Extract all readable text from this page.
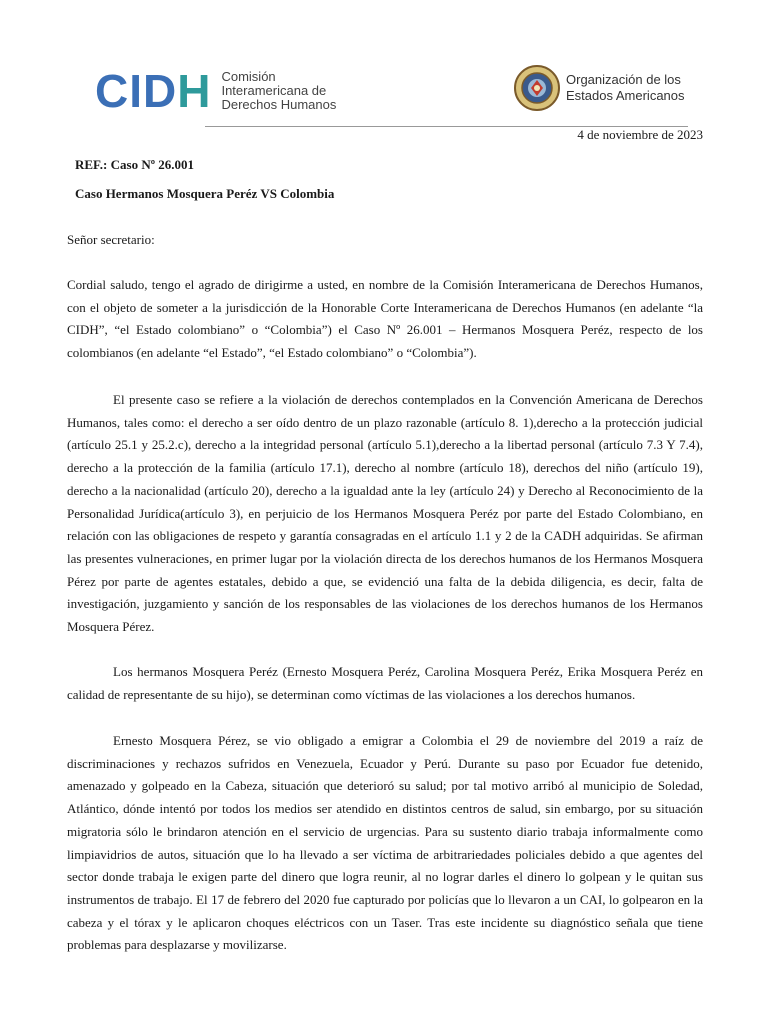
CIDH Comisión
Interamericana de
Derechos Humanos
Organización de los
Estados Americanos
4 de noviembre de 2023
REF.: Caso Nº 26.001
Caso Hermanos Mosquera Peréz VS Colombia
Señor secretario:

Cordial saludo, tengo el agrado de dirigirme a usted, en nombre de la Comisión Interamericana de Derechos Humanos, con el objeto de someter a la jurisdicción de la Honorable Corte Interamericana de Derechos Humanos (en adelante “la CIDH”, “el Estado colombiano” o “Colombia”) el Caso Nº 26.001 – Hermanos Mosquera Peréz, respecto de los colombianos (en adelante “el Estado”, “el Estado colombiano” o “Colombia”).

El presente caso se refiere a la violación de derechos contemplados en la Convención Americana de Derechos Humanos, tales como: el derecho a ser oído dentro de un plazo razonable (artículo 8. 1),derecho a la protección judicial (artículo 25.1 y 25.2.c), derecho a la integridad personal (artículo 5.1),derecho a la libertad personal (artículo 7.3 Y 7.4), derecho a la protección de la familia (artículo 17.1), derecho al nombre (artículo 18), derechos del niño (artículo 19), derecho a la nacionalidad (artículo 20), derecho a la igualdad ante la ley (artículo 24) y Derecho al Reconocimiento de la Personalidad Jurídica(artículo 3), en perjuicio de los Hermanos Mosquera Peréz por parte del Estado Colombiano, en relación con las obligaciones de respeto y garantía consagradas en el artículo 1.1 y 2 de la CADH adquiridas. Se afirman las presentes vulneraciones, en primer lugar por la violación directa de los derechos humanos de los Hermanos Mosquera Pérez por parte de agentes estatales, debido a que, se evidenció una falta de la debida diligencia, es decir, falta de investigación, juzgamiento y sanción de los responsables de las violaciones de los derechos humanos de los Hermanos Mosquera Pérez.

Los hermanos Mosquera Peréz (Ernesto Mosquera Peréz, Carolina Mosquera Peréz, Erika Mosquera Peréz en calidad de representante de su hijo), se determinan como víctimas de las violaciones a los derechos humanos.

Ernesto Mosquera Pérez, se vio obligado a emigrar a Colombia el 29 de noviembre del 2019 a raíz de discriminaciones y rechazos sufridos en Venezuela, Ecuador y Perú. Durante su paso por Ecuador fue detenido, amenazado y golpeado en la Cabeza, situación que deterioró su salud; por tal motivo arribó al municipio de Soledad, Atlántico, dónde intentó por todos los medios ser atendido en distintos centros de salud, sin embargo, por su situación migratoria sólo le brindaron atención en el servicio de urgencias. Para su sustento diario trabaja informalmente como limpiavidrios de autos, situación que lo ha llevado a ser víctima de arbitrariedades policiales debido a que agentes del sector donde trabaja le exigen parte del dinero que logra reunir, al no lograr darles el dinero lo golpean y le quitan sus instrumentos de trabajo. El 17 de febrero del 2020 fue capturado por policías que lo llevaron a un CAI, lo golpearon en la cabeza y el tórax y le aplicaron choques eléctricos con un Taser. Tras este incidente su diagnóstico señala que tiene problemas para desplazarse y movilizarse.
